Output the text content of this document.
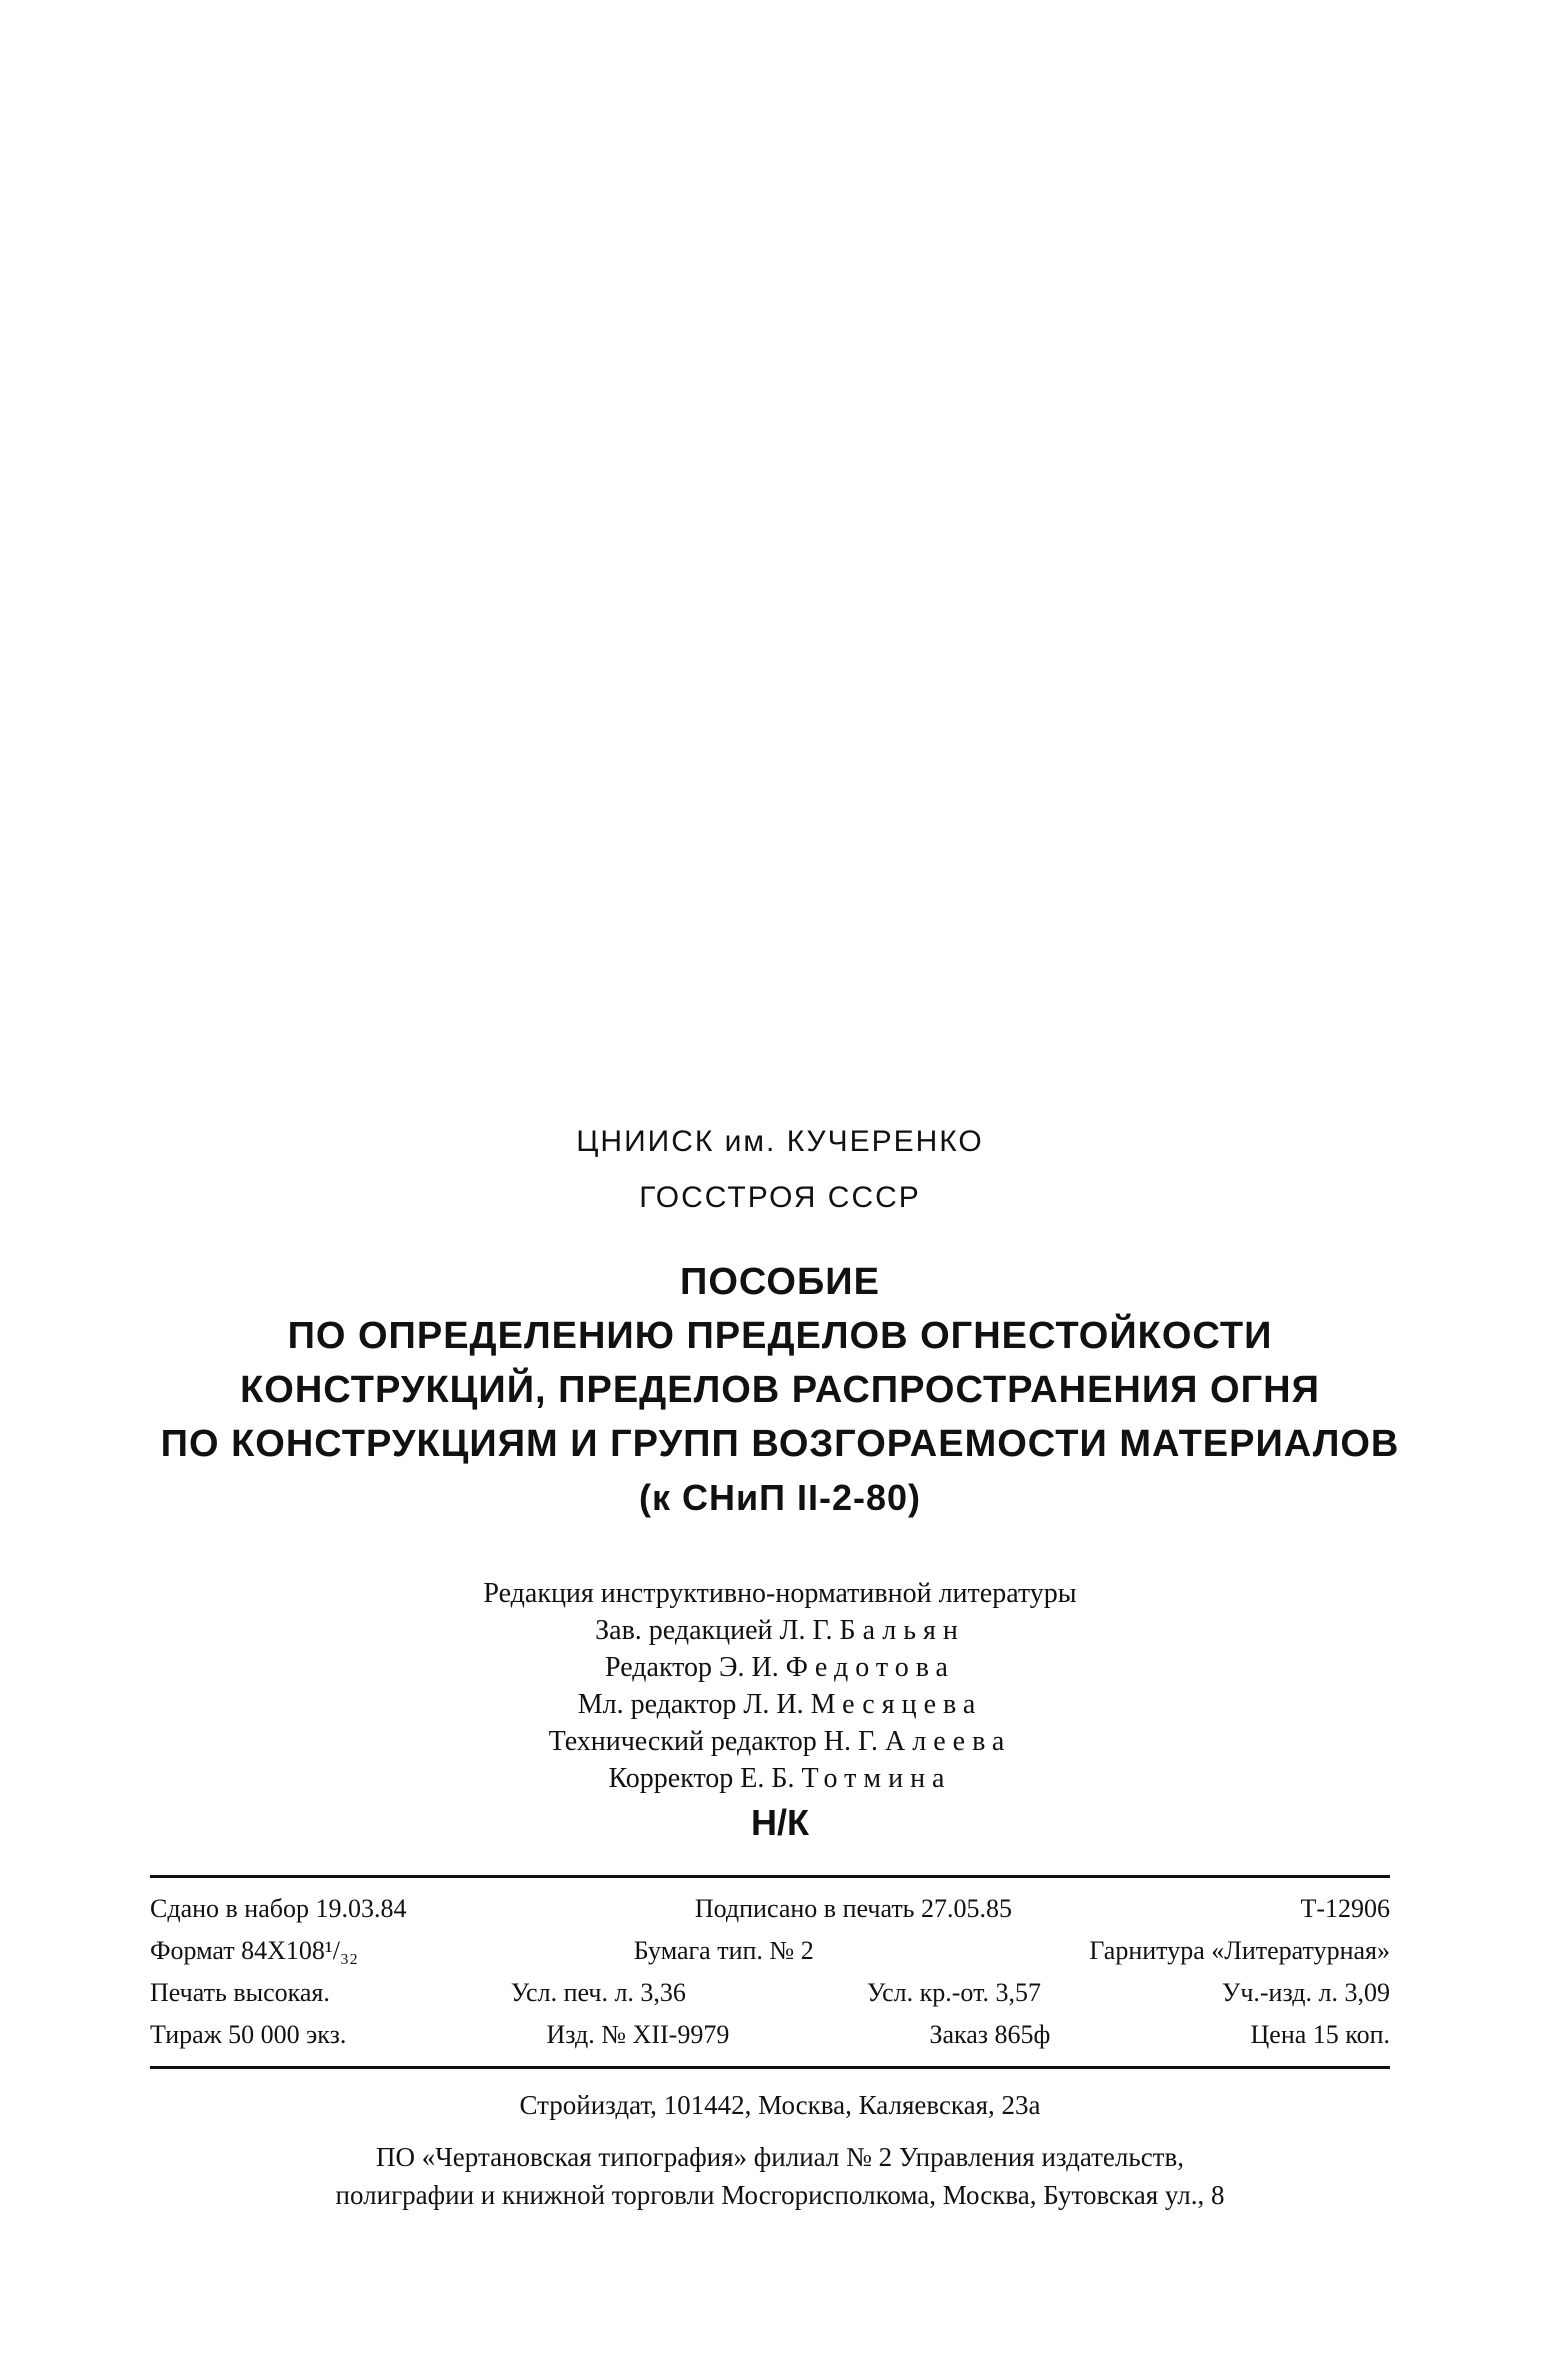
ЦНИИСК им. КУЧЕРЕНКО
ГОССТРОЯ СССР
ПОСОБИЕ
ПО ОПРЕДЕЛЕНИЮ ПРЕДЕЛОВ ОГНЕСТОЙКОСТИ
КОНСТРУКЦИЙ, ПРЕДЕЛОВ РАСПРОСТРАНЕНИЯ ОГНЯ
ПО КОНСТРУКЦИЯМ И ГРУПП ВОЗГОРАЕМОСТИ МАТЕРИАЛОВ
(к СНиП II-2-80)
Редакция инструктивно-нормативной литературы
Зав. редакцией Л. Г. Бальян
Редактор Э. И. Федотова
Мл. редактор Л. И. Месяцева
Технический редактор Н. Г. Алеева
Корректор Е. Б. Тотмина
Н/К
Сдано в набор 19.03.84	Подписано в печать 27.05.85	Т-12906
Формат 84Х108¹/₃₂	Бумага тип. № 2	Гарнитура «Литературная»
Печать высокая.	Усл. печ. л. 3,36	Усл. кр.-от. 3,57	Уч.-изд. л. 3,09
Тираж 50 000 экз.	Изд. № XII-9979	Заказ 865ф	Цена 15 коп.
Стройиздат, 101442, Москва, Каляевская, 23а
ПО «Чертановская типография» филиал № 2 Управления издательств,
полиграфии и книжной торговли Мосгорисполкома, Москва, Бутовская ул., 8
